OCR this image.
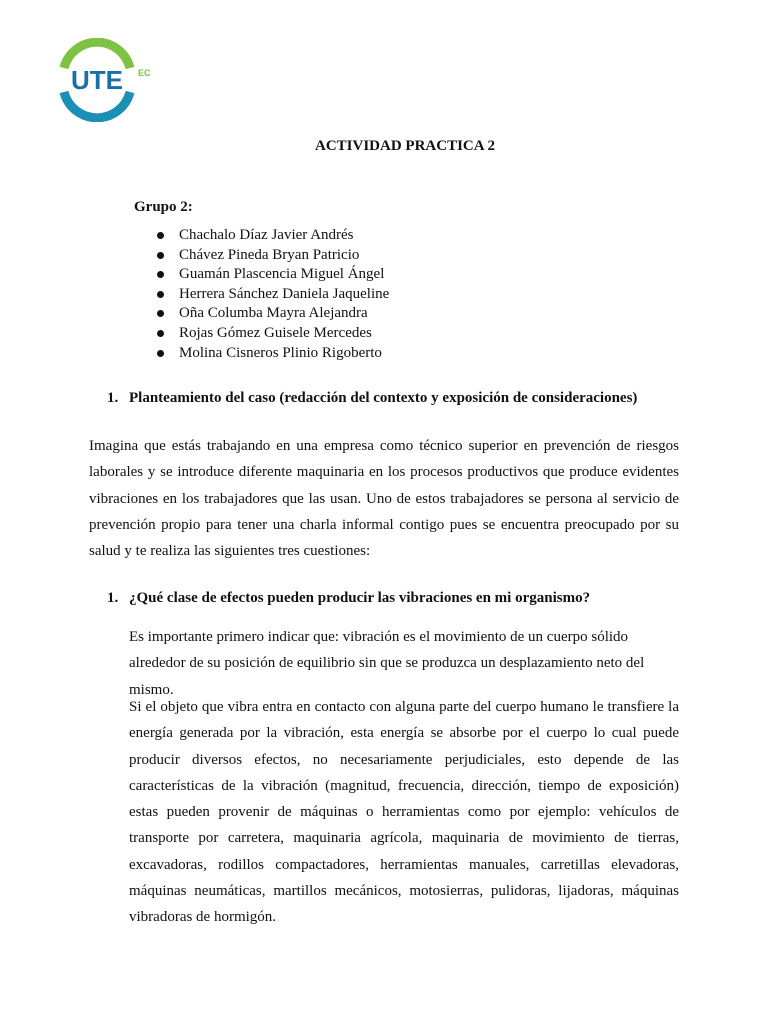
UTE EC
ACTIVIDAD PRACTICA 2
Grupo 2:
Chachalo Díaz Javier Andrés
Chávez Pineda Bryan Patricio
Guamán Plascencia Miguel Ángel
Herrera Sánchez Daniela Jaqueline
Oña Columba Mayra Alejandra
Rojas Gómez Guisele Mercedes
Molina Cisneros Plinio Rigoberto
1. Planteamiento del caso (redacción del contexto y exposición de consideraciones)

Imagina que estás trabajando en una empresa como técnico superior en prevención de riesgos laborales y se introduce diferente maquinaria en los procesos productivos que produce evidentes vibraciones en los trabajadores que las usan. Uno de estos trabajadores se persona al servicio de prevención propio para tener una charla informal contigo pues se encuentra preocupado por su salud y te realiza las siguientes tres cuestiones:

1. ¿Qué clase de efectos pueden producir las vibraciones en mi organismo?

Es importante primero indicar que: vibración es el movimiento de un cuerpo sólido alrededor de su posición de equilibrio sin que se produzca un desplazamiento neto del mismo.

Si el objeto que vibra entra en contacto con alguna parte del cuerpo humano le transfiere la energía generada por la vibración, esta energía se absorbe por el cuerpo lo cual puede producir diversos efectos, no necesariamente perjudiciales, esto depende de las características de la vibración (magnitud, frecuencia, dirección, tiempo de exposición) estas pueden provenir de máquinas o herramientas como por ejemplo: vehículos de transporte por carretera, maquinaria agrícola, maquinaria de movimiento de tierras, excavadoras, rodillos compactadores, herramientas manuales, carretillas elevadoras, máquinas neumáticas, martillos mecánicos, motosierras, pulidoras, lijadoras, máquinas vibradoras de hormigón.
